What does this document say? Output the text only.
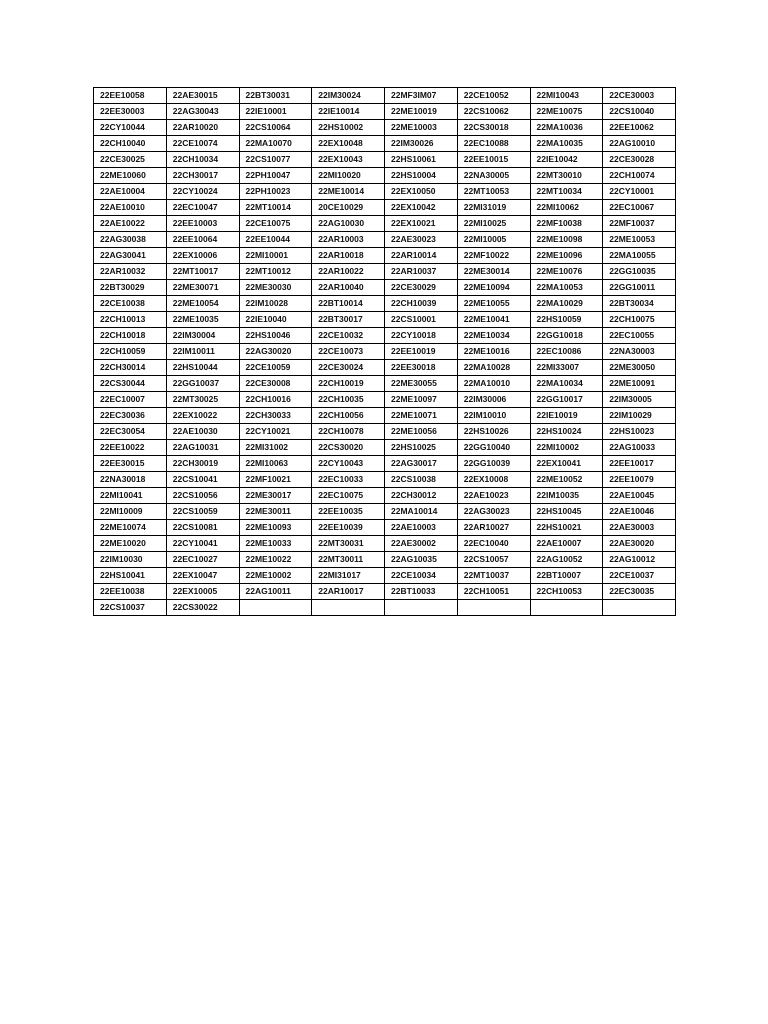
22EE10058	22AE30015	22BT30031	22IM30024	22MF3IM07	22CE10052	22MI10043	22CE30003
22EE30003	22AG30043	22IE10001	22IE10014	22ME10019	22CS10062	22ME10075	22CS10040
22CY10044	22AR10020	22CS10064	22HS10002	22ME10003	22CS30018	22MA10036	22EE10062
22CH10040	22CE10074	22MA10070	22EX10048	22IM30026	22EC10088	22MA10035	22AG10010
22CE30025	22CH10034	22CS10077	22EX10043	22HS10061	22EE10015	22IE10042	22CE30028
22ME10060	22CH30017	22PH10047	22MI10020	22HS10004	22NA30005	22MT30010	22CH10074
22AE10004	22CY10024	22PH10023	22ME10014	22EX10050	22MT10053	22MT10034	22CY10001
22AE10010	22EC10047	22MT10014	20CE10029	22EX10042	22MI31019	22MI10062	22EC10067
22AE10022	22EE10003	22CE10075	22AG10030	22EX10021	22MI10025	22MF10038	22MF10037
22AG30038	22EE10064	22EE10044	22AR10003	22AE30023	22MI10005	22ME10098	22ME10053
22AG30041	22EX10006	22MI10001	22AR10018	22AR10014	22MF10022	22ME10096	22MA10055
22AR10032	22MT10017	22MT10012	22AR10022	22AR10037	22ME30014	22ME10076	22GG10035
22BT30029	22ME30071	22ME30030	22AR10040	22CE30029	22ME10094	22MA10053	22GG10011
22CE10038	22ME10054	22IM10028	22BT10014	22CH10039	22ME10055	22MA10029	22BT30034
22CH10013	22ME10035	22IE10040	22BT30017	22CS10001	22ME10041	22HS10059	22CH10075
22CH10018	22IM30004	22HS10046	22CE10032	22CY10018	22ME10034	22GG10018	22EC10055
22CH10059	22IM10011	22AG30020	22CE10073	22EE10019	22ME10016	22EC10086	22NA30003
22CH30014	22HS10044	22CE10059	22CE30024	22EE30018	22MA10028	22MI33007	22ME30050
22CS30044	22GG10037	22CE30008	22CH10019	22ME30055	22MA10010	22MA10034	22ME10091
22EC10007	22MT30025	22CH10016	22CH10035	22ME10097	22IM30006	22GG10017	22IM30005
22EC30036	22EX10022	22CH30033	22CH10056	22ME10071	22IM10010	22IE10019	22IM10029
22EC30054	22AE10030	22CY10021	22CH10078	22ME10056	22HS10026	22HS10024	22HS10023
22EE10022	22AG10031	22MI31002	22CS30020	22HS10025	22GG10040	22MI10002	22AG10033
22EE30015	22CH30019	22MI10063	22CY10043	22AG30017	22GG10039	22EX10041	22EE10017
22NA30018	22CS10041	22MF10021	22EC10033	22CS10038	22EX10008	22ME10052	22EE10079
22MI10041	22CS10056	22ME30017	22EC10075	22CH30012	22AE10023	22IM10035	22AE10045
22MI10009	22CS10059	22ME30011	22EE10035	22MA10014	22AG30023	22HS10045	22AE10046
22ME10074	22CS10081	22ME10093	22EE10039	22AE10003	22AR10027	22HS10021	22AE30003
22ME10020	22CY10041	22ME10033	22MT30031	22AE30002	22EC10040	22AE10007	22AE30020
22IM10030	22EC10027	22ME10022	22MT30011	22AG10035	22CS10057	22AG10052	22AG10012
22HS10041	22EX10047	22ME10002	22MI31017	22CE10034	22MT10037	22BT10007	22CE10037
22EE10038	22EX10005	22AG10011	22AR10017	22BT10033	22CH10051	22CH10053	22EC30035
22CS10037	22CS30022						
